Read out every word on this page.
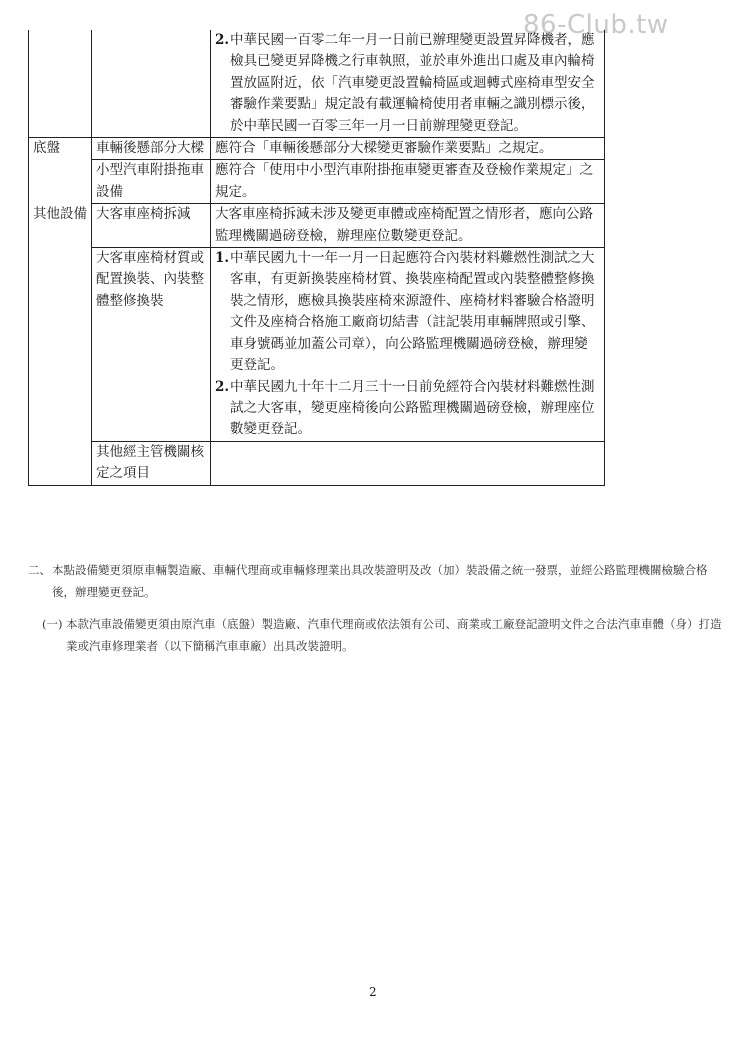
86-Club.tw

		2. 中華民國一百零二年一月一日前已辦理變更設置昇降機者，應檢具已變更昇降機之行車執照，並於車外進出口處及車內輪椅置放區附近，依「汽車變更設置輪椅區或迴轉式座椅車型安全審驗作業要點」規定設有載運輪椅使用者車輛之識別標示後，於中華民國一百零三年一月一日前辦理變更登記。

底盤	車輛後懸部分大樑	應符合「車輛後懸部分大樑變更審驗作業要點」之規定。
	小型汽車附掛拖車設備	應符合「使用中小型汽車附掛拖車變更審查及登檢作業規定」之規定。
其他設備	大客車座椅拆減	大客車座椅拆減未涉及變更車體或座椅配置之情形者，應向公路監理機關過磅登檢，辦理座位數變更登記。
	大客車座椅材質或配置換裝、內裝整體整修換裝	1. 中華民國九十一年一月一日起應符合內裝材料難燃性測試之大客車，有更新換裝座椅材質、換裝座椅配置或內裝整體整修換裝之情形，應檢具換裝座椅來源證件、座椅材料審驗合格證明文件及座椅合格施工廠商切結書（註記裝用車輛牌照或引擎、車身號碼並加蓋公司章），向公路監理機關過磅登檢，辦理變更登記。
2. 中華民國九十年十二月三十一日前免經符合內裝材料難燃性測試之大客車，變更座椅後向公路監理機關過磅登檢，辦理座位數變更登記。

	其他經主管機關核定之項目	
二、 本點設備變更須原車輛製造廠、車輛代理商或車輛修理業出具改裝證明及改（加）裝設備之統一發票，並經公路監理機關檢驗合格後，辦理變更登記。
(一) 本款汽車設備變更須由原汽車（底盤）製造廠、汽車代理商或依法領有公司、商業或工廠登記證明文件之合法汽車車體（身）打造業或汽車修理業者（以下簡稱汽車車廠）出具改裝證明。
2
